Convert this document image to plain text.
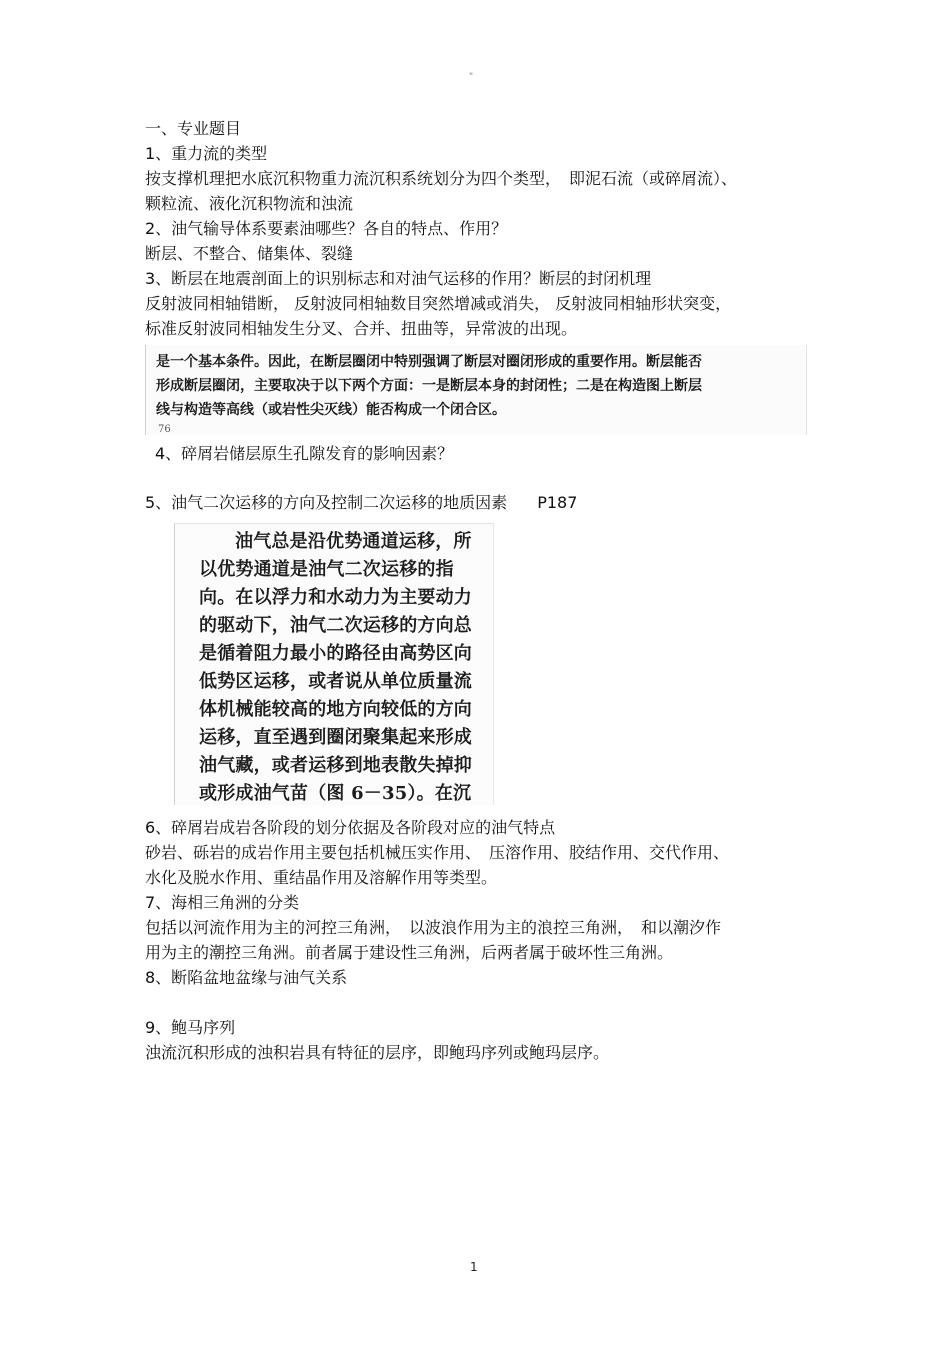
"
一、专业题目
1、重力流的类型
按支撑机理把水底沉积物重力流沉积系统划分为四个类型，　即泥石流（或碎屑流）、
颗粒流、液化沉积物流和浊流
2、油气输导体系要素油哪些？各自的特点、作用？
断层、不整合、储集体、裂缝
3、断层在地震剖面上的识别标志和对油气运移的作用？断层的封闭机理
反射波同相轴错断， 反射波同相轴数目突然增减或消失， 反射波同相轴形状突变，
标准反射波同相轴发生分叉、合并、扭曲等，异常波的出现。
是一个基本条件。因此，在断层圈闭中特别强调了断层对圈闭形成的重要作用。断层能否
形成断层圈闭，主要取决于以下两个方面：一是断层本身的封闭性；二是在构造图上断层
线与构造等高线（或岩性尖灭线）能否构成一个闭合区。
76
4、碎屑岩储层原生孔隙发育的影响因素？
5、油气二次运移的方向及控制二次运移的地质因素 P187
油气总是沿优势通道运移，所
以优势通道是油气二次运移的指
向。在以浮力和水动力为主要动力
的驱动下，油气二次运移的方向总
是循着阻力最小的路径由高势区向
低势区运移，或者说从单位质量流
体机械能较高的地方向较低的方向
运移，直至遇到圈闭聚集起来形成
油气藏，或者运移到地表散失掉抑
或形成油气苗（图 6－35）。在沉
6、碎屑岩成岩各阶段的划分依据及各阶段对应的油气特点
砂岩、砾岩的成岩作用主要包括机械压实作用、　压溶作用、胶结作用、交代作用、
水化及脱水作用、重结晶作用及溶解作用等类型。
7、海相三角洲的分类
包括以河流作用为主的河控三角洲，　以波浪作用为主的浪控三角洲，　和以潮汐作
用为主的潮控三角洲。前者属于建设性三角洲，后两者属于破坏性三角洲。
8、断陷盆地盆缘与油气关系
9、鲍马序列
浊流沉积形成的浊积岩具有特征的层序，即鲍玛序列或鲍玛层序。
1
